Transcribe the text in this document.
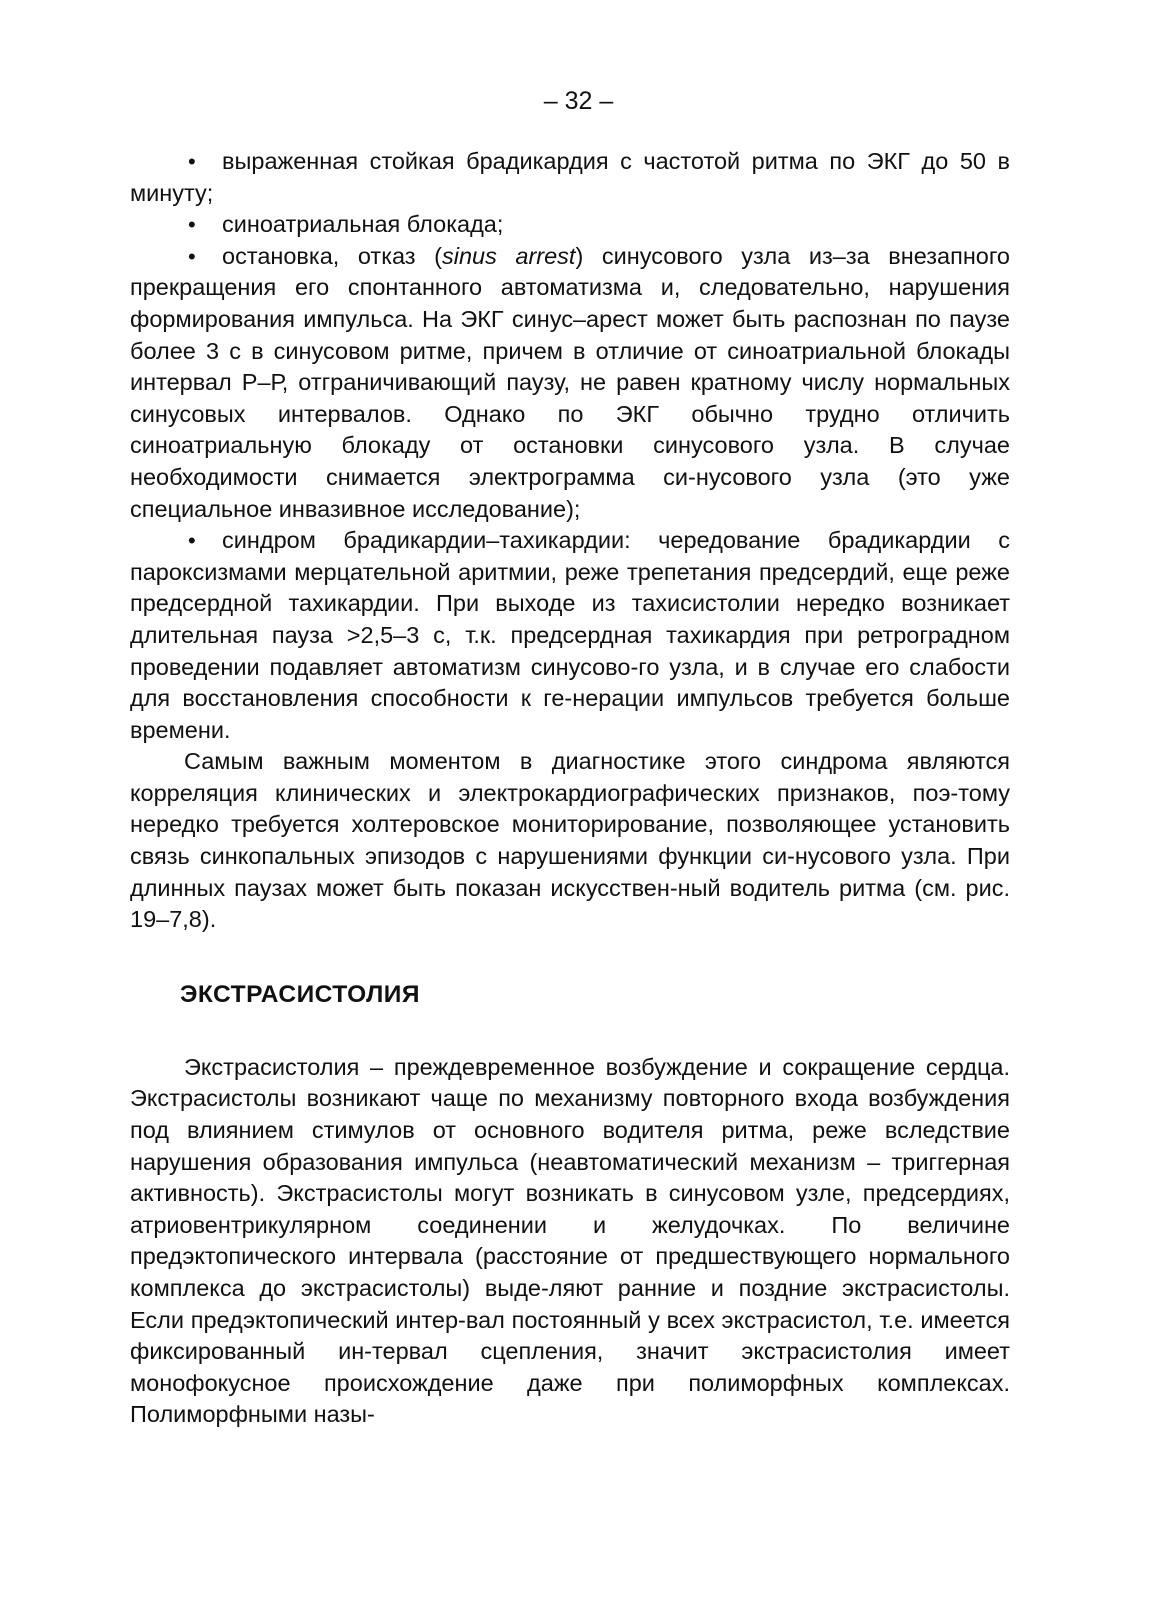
– 32 –

• выраженная стойкая брадикардия с частотой ритма по ЭКГ до 50 в минуту;

• синоатриальная блокада;

• остановка, отказ (sinus arrest) синусового узла из–за внезапного прекращения его спонтанного автоматизма и, следовательно, нарушения формирования импульса. На ЭКГ синус–арест может быть распознан по паузе более 3 с в синусовом ритме, причем в отличие от синоатриальной блокады интервал Р–Р, отграничивающий паузу, не равен кратному числу нормальных синусовых интервалов. Однако по ЭКГ обычно трудно отличить синоатриальную блокаду от остановки синусового узла. В случае необходимости снимается электрограмма си-нусового узла (это уже специальное инвазивное исследование);

• синдром брадикардии–тахикардии: чередование брадикардии с пароксизмами мерцательной аритмии, реже трепетания предсердий, еще реже предсердной тахикардии. При выходе из тахисистолии нередко возникает длительная пауза >2,5–3 с, т.к. предсердная тахикардия при ретроградном проведении подавляет автоматизм синусово-го узла, и в случае его слабости для восстановления способности к ге-нерации импульсов требуется больше времени.

Самым важным моментом в диагностике этого синдрома являются корреляция клинических и электрокардиографических признаков, поэ-тому нередко требуется холтеровское мониторирование, позволяющее установить связь синкопальных эпизодов с нарушениями функции си-нусового узла. При длинных паузах может быть показан искусствен-ный водитель ритма (см. рис. 19–7,8).

ЭКСТРАСИСТОЛИЯ

Экстрасистолия – преждевременное возбуждение и сокращение сердца. Экстрасистолы возникают чаще по механизму повторного входа возбуждения под влиянием стимулов от основного водителя ритма, реже вследствие нарушения образования импульса (неавтоматический механизм – триггерная активность). Экстрасистолы могут возникать в синусовом узле, предсердиях, атриовентрикулярном соединении и желудочках. По величине предэктопического интервала (расстояние от предшествующего нормального комплекса до экстрасистолы) выде-ляют ранние и поздние экстрасистолы. Если предэктопический интер-вал постоянный у всех экстрасистол, т.е. имеется фиксированный ин-тервал сцепления, значит экстрасистолия имеет монофокусное происхождение даже при полиморфных комплексах. Полиморфными назы-
